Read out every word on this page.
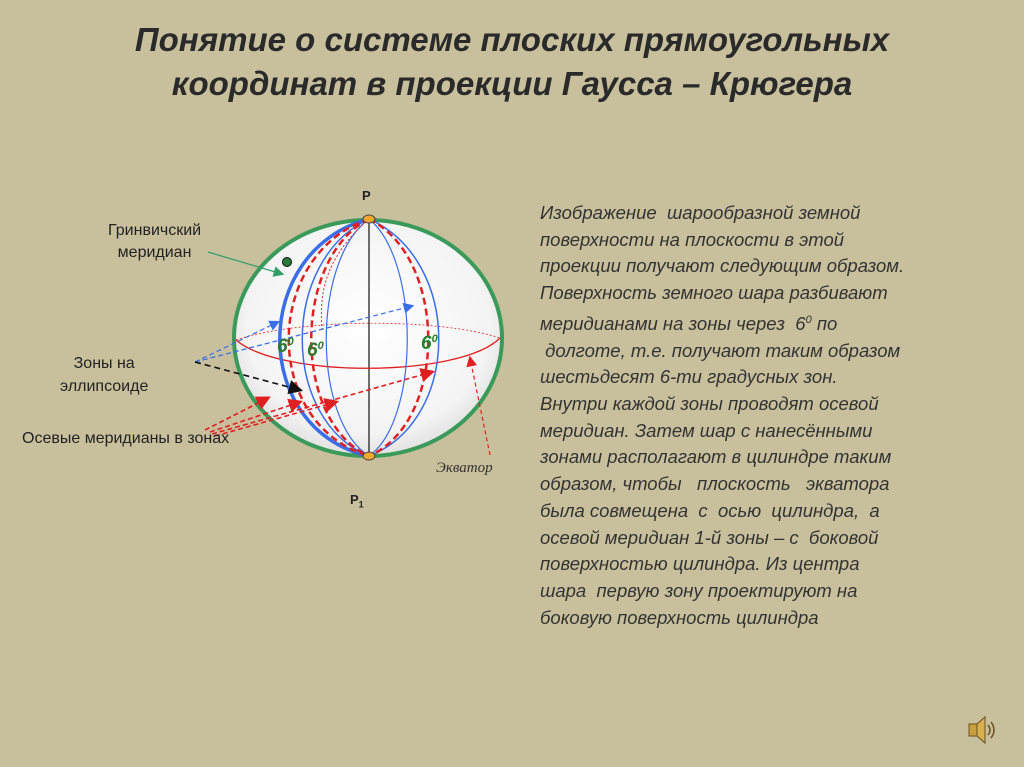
Понятие о системе плоских прямоугольных
координат в проекции Гаусса – Крюгера
P
$P_1$
Гринвичский
меридиан
Зоны на
эллипсоиде
Осевые меридианы в зонах
Экватор
$6^0$ $6^0$	$6^0$
Изображение  шарообразной земной
поверхности на плоскости в этой
проекции получают следующим образом.
Поверхность земного шара разбивают
меридианами на зоны через  $6^0$ по
долготе, т.е. получают таким образом
шестьдесят 6-ти градусных зон.
Внутри каждой зоны проводят осевой
меридиан. Затем шар с нанесёнными
зонами располагают в цилиндре таким
образом, чтобы   плоскость   экватора
была совмещена  с  осью  цилиндра,  а
осевой меридиан 1-й зоны – с  боковой
поверхностью цилиндра. Из центра
шара  первую зону проектируют на
боковую поверхность цилиндра
